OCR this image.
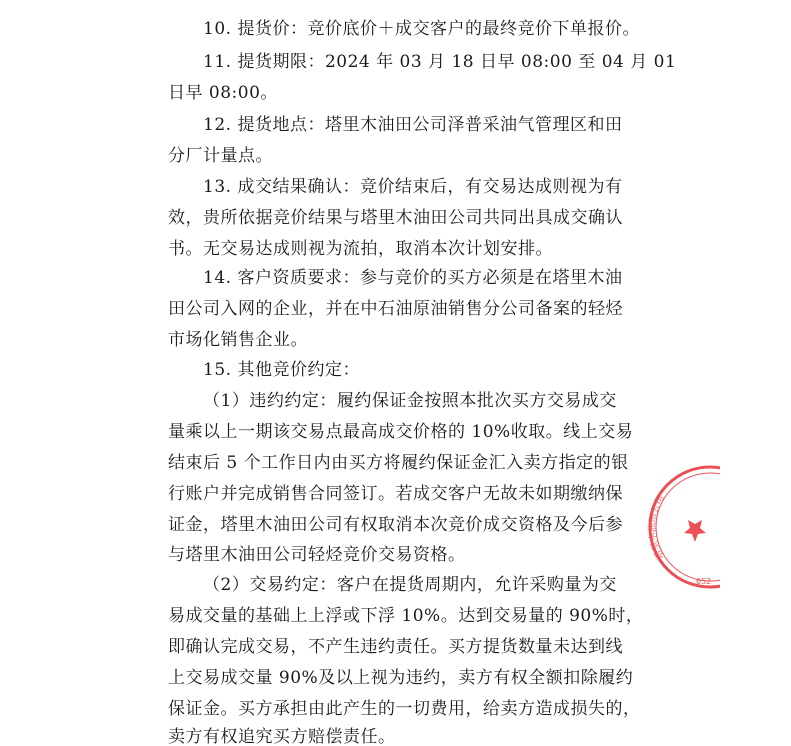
10. 提货价：竞价底价＋成交客户的最终竞价下单报价。
11. 提货期限：2024 年 03 月 18 日早 08:00 至 04 月 01
日早 08:00。
12. 提货地点：塔里木油田公司泽普采油气管理区和田
分厂计量点。
13. 成交结果确认：竞价结束后，有交易达成则视为有
效，贵所依据竞价结果与塔里木油田公司共同出具成交确认
书。无交易达成则视为流拍，取消本次计划安排。
14. 客户资质要求：参与竞价的买方必须是在塔里木油
田公司入网的企业，并在中石油原油销售分公司备案的轻烃
市场化销售企业。
15. 其他竞价约定：
（1）违约约定：履约保证金按照本批次买方交易成交
量乘以上一期该交易点最高成交价格的 10%收取。线上交易
结束后 5 个工作日内由买方将履约保证金汇入卖方指定的银
行账户并完成销售合同签订。若成交客户无故未如期缴纳保
证金，塔里木油田公司有权取消本次竞价成交资格及今后参
与塔里木油田公司轻烃竞价交易资格。
（2）交易约定：客户在提货周期内，允许采购量为交
易成交量的基础上上浮或下浮 10%。达到交易量的 90%时，
即确认完成交易，不产生违约责任。买方提货数量未达到线
上交易成交量 90%及以上视为违约，卖方有权全额扣除履约
保证金。买方承担由此产生的一切费用，给卖方造成损失的，
卖方有权追究买方赔偿责任。
塔里木油田公司
652
